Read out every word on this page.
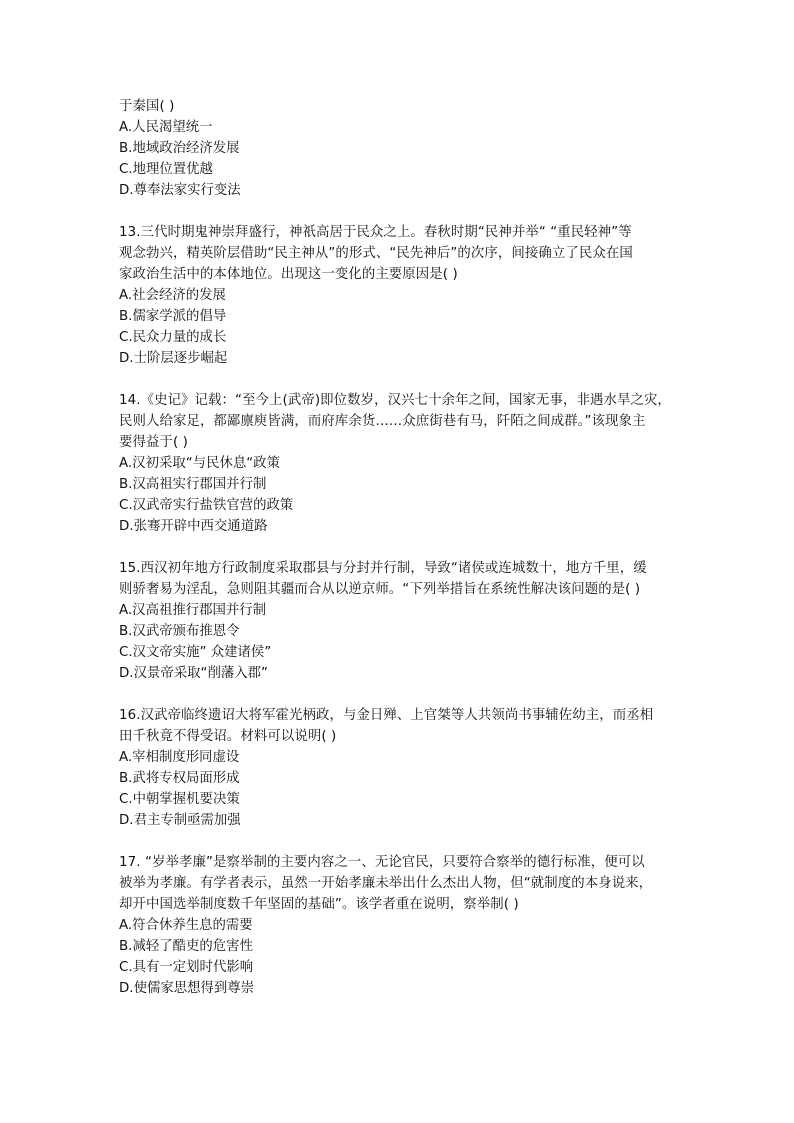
于秦国( )
A.人民渴望统一
B.地域政治经济发展
C.地理位置优越
D.尊奉法家实行变法
13.三代时期鬼神崇拜盛行，神祇高居于民众之上。春秋时期“民神并举“ “重民轻神”等
观念勃兴，精英阶层借助“民主神从”的形式、“民先神后”的次序，间接确立了民众在国
家政治生活中的本体地位。出现这一变化的主要原因是( )
A.社会经济的发展
B.儒家学派的倡导
C.民众力量的成长
D.士阶层逐步崛起
14.《史记》记载：“至今上(武帝)即位数岁，汉兴七十余年之间，国家无事，非遇水旱之灾，
民则人给家足，都鄙廪庾皆满，而府库余货……众庶街巷有马，阡陌之间成群。”该现象主
要得益于( )
A.汉初采取“与民休息“政策
B.汉高祖实行郡国并行制
C.汉武帝实行盐铁官营的政策
D.张骞开辟中西交通道路
15.西汉初年地方行政制度采取郡县与分封并行制，导致“诸侯或连城数十，地方千里，缓
则骄奢易为淫乱，急则阻其疆而合从以逆京师。“下列举措旨在系统性解决该问题的是( )
A.汉高祖推行郡国并行制
B.汉武帝颁布推恩令
C.汉文帝实施” 众建诸侯”
D.汉景帝采取“削藩入郡”
16.汉武帝临终遗诏大将军霍光柄政，与金日殚、上官桀等人共领尚书事辅佐幼主，而丞相
田千秋竟不得受诏。材料可以说明( )
A.宰相制度形同虚设
B.武将专权局面形成
C.中朝掌握机要决策
D.君主专制亟需加强
17. “岁举孝廉”是察举制的主要内容之一、无论官民，只要符合察举的德行标准，便可以
被举为孝廉。有学者表示，虽然一开始孝廉未举出什么杰出人物，但“就制度的本身说来，
却开中国选举制度数千年坚固的基础”。该学者重在说明，察举制( )
A.符合休养生息的需要
B.减轻了酷吏的危害性
C.具有一定划时代影响
D.使儒家思想得到尊崇
